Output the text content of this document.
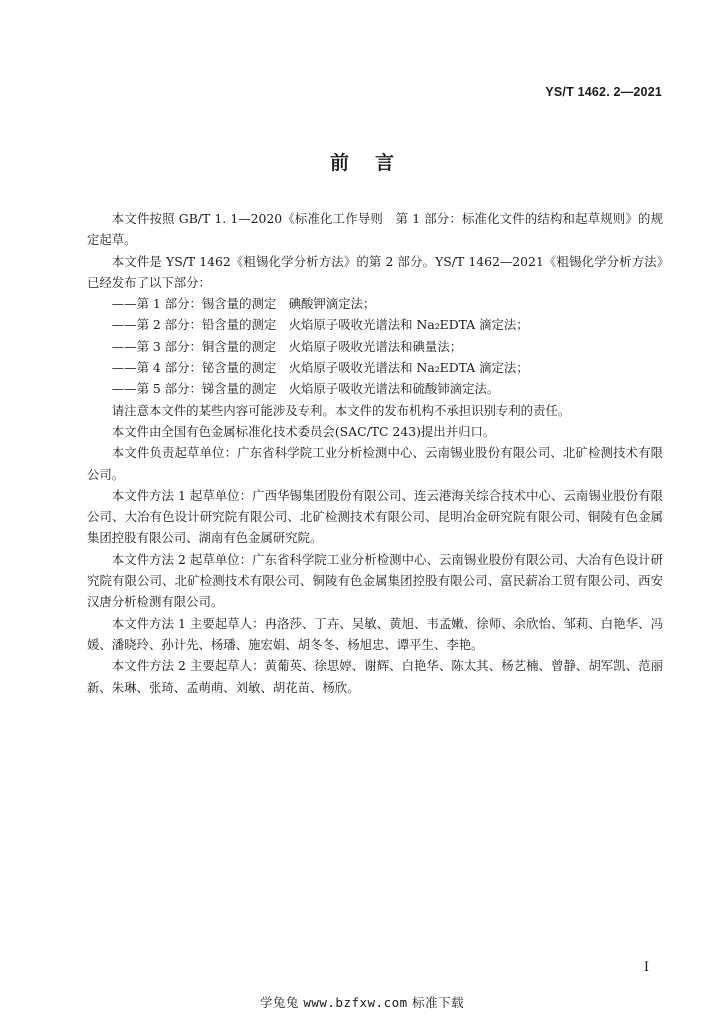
YS/T 1462. 2—2021
前言

本文件按照 GB/T 1. 1—2020《标准化工作导则　第 1 部分：标准化文件的结构和起草规则》的规定起草。

本文件是 YS/T 1462《粗锡化学分析方法》的第 2 部分。YS/T 1462—2021《粗锡化学分析方法》已经发布了以下部分：

——第 1 部分：锡含量的测定　碘酸钾滴定法；

——第 2 部分：铅含量的测定　火焰原子吸收光谱法和 Na₂EDTA 滴定法；

——第 3 部分：铜含量的测定　火焰原子吸收光谱法和碘量法；

——第 4 部分：铋含量的测定　火焰原子吸收光谱法和 Na₂EDTA 滴定法；

——第 5 部分：锑含量的测定　火焰原子吸收光谱法和硫酸铈滴定法。

请注意本文件的某些内容可能涉及专利。本文件的发布机构不承担识别专利的责任。

本文件由全国有色金属标准化技术委员会(SAC/TC 243)提出并归口。

本文件负责起草单位：广东省科学院工业分析检测中心、云南锡业股份有限公司、北矿检测技术有限公司。

本文件方法 1 起草单位：广西华锡集团股份有限公司、连云港海关综合技术中心、云南锡业股份有限公司、大冶有色设计研究院有限公司、北矿检测技术有限公司、昆明冶金研究院有限公司、铜陵有色金属集团控股有限公司、湖南有色金属研究院。

本文件方法 2 起草单位：广东省科学院工业分析检测中心、云南锡业股份有限公司、大冶有色设计研究院有限公司、北矿检测技术有限公司、铜陵有色金属集团控股有限公司、富民薪冶工贸有限公司、西安汉唐分析检测有限公司。

本文件方法 1 主要起草人：冉洛莎、丁卉、吴敏、黄旭、韦孟嫩、徐师、余欣怡、邹莉、白艳华、冯媛、潘晓玲、孙计先、杨璠、施宏娟、胡冬冬、杨旭忠、谭平生、李艳。

本文件方法 2 主要起草人：黄葡英、徐思婷、谢辉、白艳华、陈太其、杨艺楠、曾静、胡军凯、范丽新、朱琳、张琦、孟萌萌、刘敏、胡花苗、杨欣。

I
学兔兔 www.bzfxw.com 标准下载
